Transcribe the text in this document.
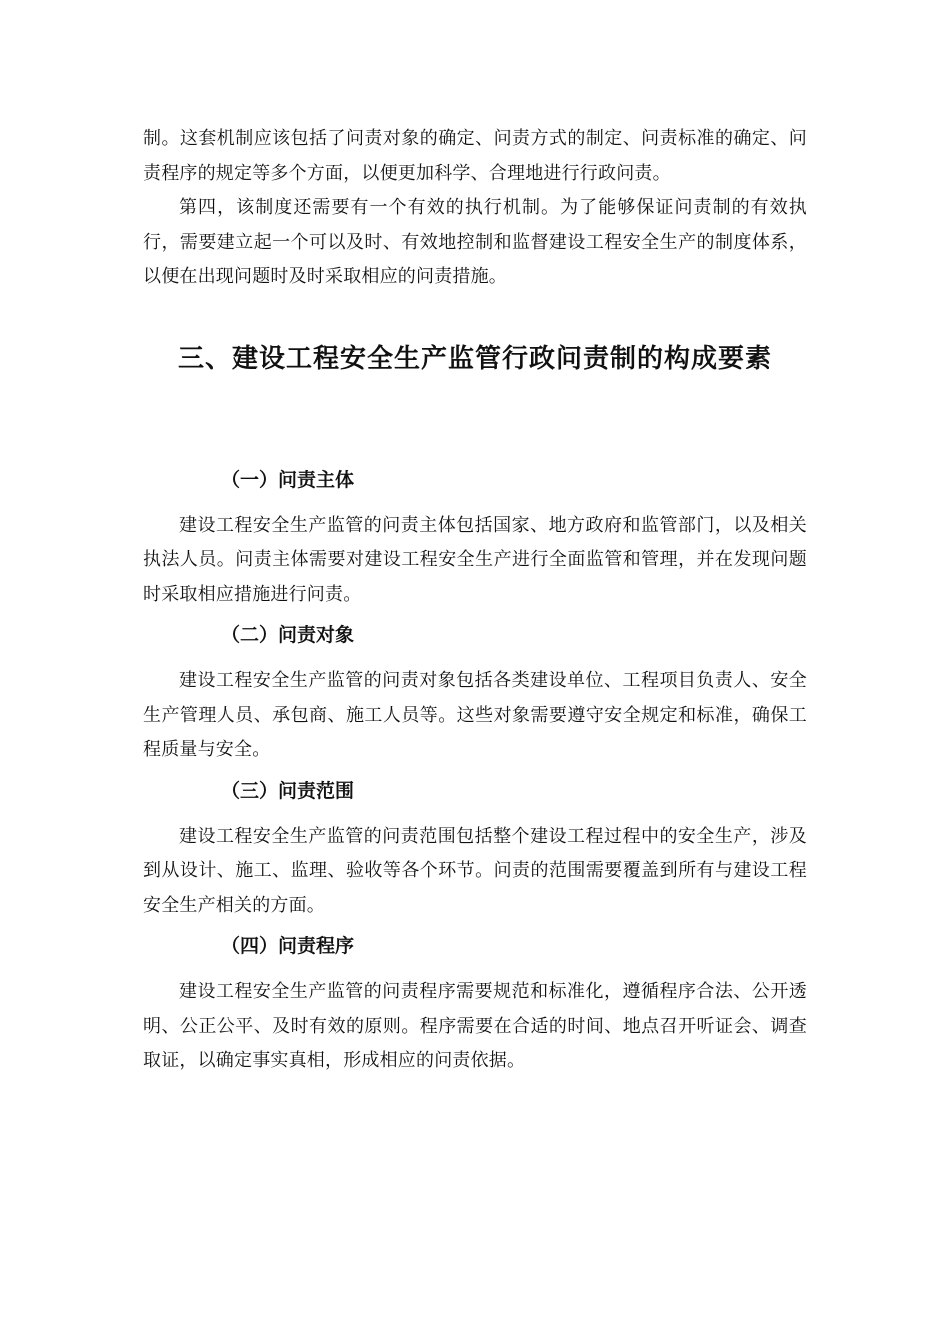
制。这套机制应该包括了问责对象的确定、问责方式的制定、问责标准的确定、问责程序的规定等多个方面，以便更加科学、合理地进行行政问责。

第四，该制度还需要有一个有效的执行机制。为了能够保证问责制的有效执行，需要建立起一个可以及时、有效地控制和监督建设工程安全生产的制度体系，以便在出现问题时及时采取相应的问责措施。

三、建设工程安全生产监管行政问责制的构成要素
（一）问责主体

建设工程安全生产监管的问责主体包括国家、地方政府和监管部门，以及相关执法人员。问责主体需要对建设工程安全生产进行全面监管和管理，并在发现问题时采取相应措施进行问责。

（二）问责对象

建设工程安全生产监管的问责对象包括各类建设单位、工程项目负责人、安全生产管理人员、承包商、施工人员等。这些对象需要遵守安全规定和标准，确保工程质量与安全。

（三）问责范围

建设工程安全生产监管的问责范围包括整个建设工程过程中的安全生产，涉及到从设计、施工、监理、验收等各个环节。问责的范围需要覆盖到所有与建设工程安全生产相关的方面。

（四）问责程序

建设工程安全生产监管的问责程序需要规范和标准化，遵循程序合法、公开透明、公正公平、及时有效的原则。程序需要在合适的时间、地点召开听证会、调查取证，以确定事实真相，形成相应的问责依据。
